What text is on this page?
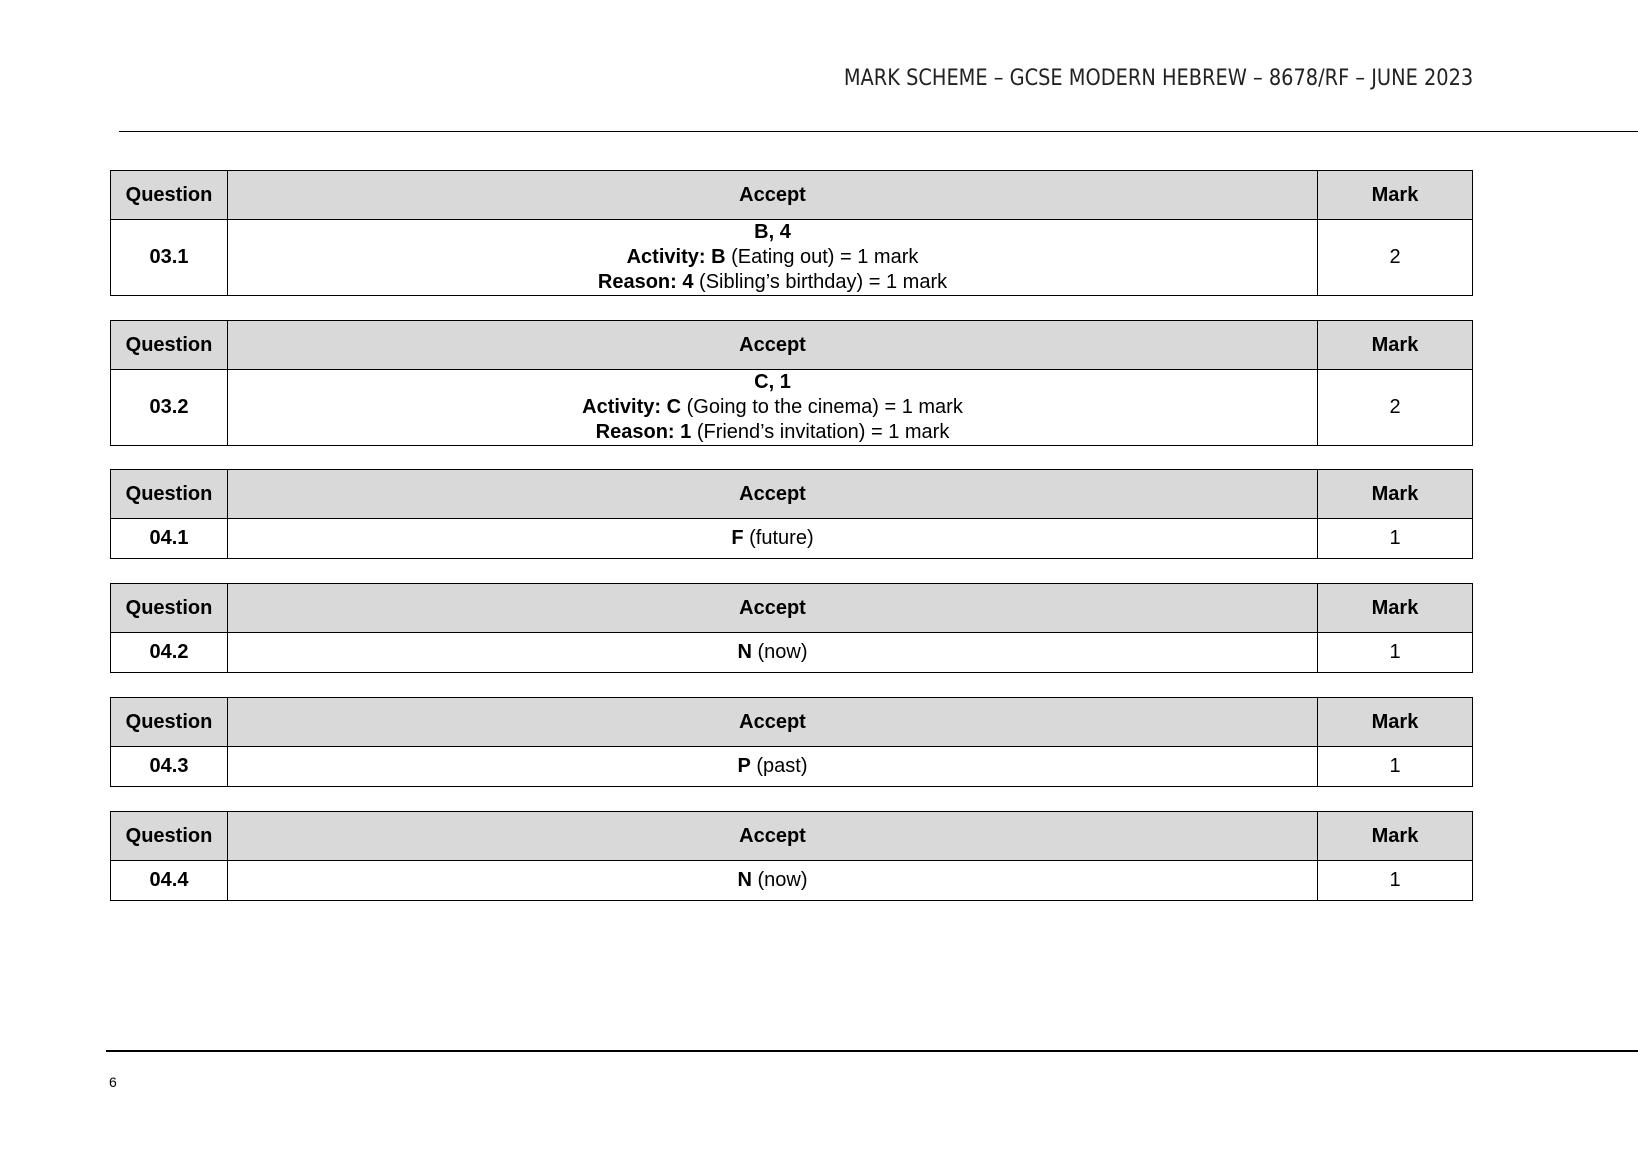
MARK SCHEME – GCSE MODERN HEBREW – 8678/RF – JUNE 2023
Question	Accept	Mark
03.1	B, 4
Activity: B (Eating out) = 1 mark
Reason: 4 (Sibling’s birthday) = 1 mark	2
Question	Accept	Mark
03.2	C, 1
Activity: C (Going to the cinema) = 1 mark
Reason: 1 (Friend’s invitation) = 1 mark	2
Question	Accept	Mark
04.1	F (future)	1
Question	Accept	Mark
04.2	N (now)	1
Question	Accept	Mark
04.3	P (past)	1
Question	Accept	Mark
04.4	N (now)	1
6
